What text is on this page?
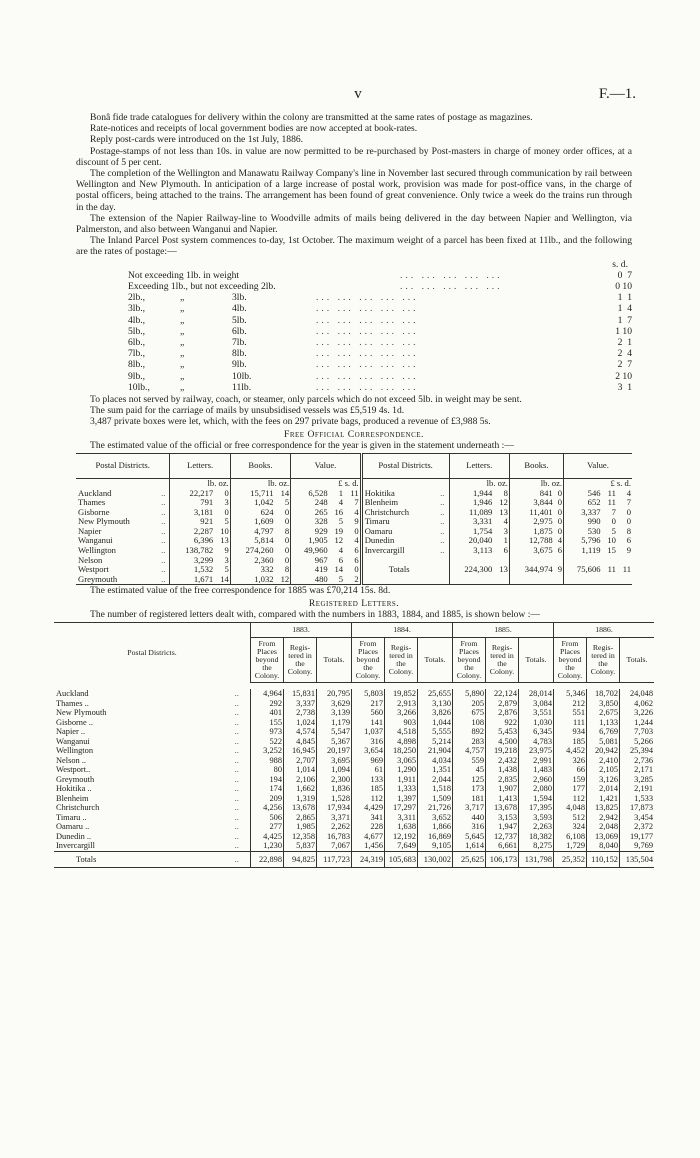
v	F.—1.

Bonâ fide trade catalogues for delivery within the colony are transmitted at the same rates of postage as magazines.

Rate-notices and receipts of local government bodies are now accepted at book-rates.

Reply post-cards were introduced on the 1st July, 1886.

Postage-stamps of not less than 10s. in value are now permitted to be re-purchased by Post-masters in charge of money order offices, at a discount of 5 per cent.

The completion of the Wellington and Manawatu Railway Company's line in November last secured through communication by rail between Wellington and New Plymouth. In anticipation of a large increase of postal work, provision was made for post-office vans, in the charge of postal officers, being attached to the trains. The arrangement has been found of great convenience. Only twice a week do the trains run through in the day.

The extension of the Napier Railway-line to Woodville admits of mails being delivered in the day between Napier and Wellington, via Palmerston, and also between Wanganui and Napier.

The Inland Parcel Post system commences to-day, 1st October. The maximum weight of a parcel has been fixed at 11lb., and the following are the rates of postage:—

s. d.
Not exceeding 1lb. in weight	... ... ... ... ...	0  7
Exceeding 1lb., but not exceeding 2lb.	... ... ... ... ...	0 10
2lb.,	„	3lb.	... ... ... ... ...	1  1
3lb.,	„	4lb.	... ... ... ... ...	1  4
4lb.,	„	5lb.	... ... ... ... ...	1  7
5lb.,	„	6lb.	... ... ... ... ...	1 10
6lb.,	„	7lb.	... ... ... ... ...	2  1
7lb.,	„	8lb.	... ... ... ... ...	2  4
8lb.,	„	9lb.	... ... ... ... ...	2  7
9lb.,	„	10lb.	... ... ... ... ...	2 10
10lb.,	„	11lb.	... ... ... ... ...	3  1

To places not served by railway, coach, or steamer, only parcels which do not exceed 5lb. in weight may be sent.

The sum paid for the carriage of mails by unsubsidised vessels was £5,519 4s. 1d.

3,487 private boxes were let, which, with the fees on 297 private bags, produced a revenue of £3,988 5s.

Free Official Correspondence.

The estimated value of the official or free correspondence for the year is given in the statement underneath :—

Postal Districts.		Letters.		Books.		Value.			Postal Districts.		Letters.		Books.		Value.		
		lb. oz.		lb. oz.		£ s. d.					lb. oz.		lb. oz.		£ s. d.		
Auckland	..	22,217	0	15,711	14	6,528	1	11	Hokitika	..	1,944	8	841	0	546	11	4
Thames	..	791	3	1,042	5	248	4	7	Blenheim	..	1,946	12	3,844	0	652	11	7
Gisborne	..	3,181	0	624	0	265	16	4	Christchurch	..	11,089	13	11,401	0	3,337	7	0
New Plymouth	..	921	5	1,609	0	328	5	9	Timaru	..	3,331	4	2,975	0	990	0	0
Napier	..	2,287	10	4,797	8	929	19	0	Oamaru	..	1,754	3	1,875	0	530	5	8
Wanganui	..	6,396	13	5,814	0	1,905	12	4	Dunedin	..	20,040	1	12,788	4	5,796	10	6
Wellington	..	138,782	9	274,260	0	49,960	4	6	Invercargill	..	3,113	6	3,675	6	1,119	15	9
Nelson	..	3,299	3	2,360	0	967	6	6									
Westport	..	1,532	5	332	8	419	14	0	Totals		224,300	13	344,974	9	75,606	11	11
Greymouth	..	1,671	14	1,032	12	480	5	2									

The estimated value of the free correspondence for 1885 was £70,214 15s. 8d.

Registered Letters.

The number of registered letters dealt with, compared with the numbers in 1883, 1884, and 1885, is shown below :—

Postal Districts.		1883.			1884.			1885.			1886.		
		From Places beyond the Colony.	Regis-tered in the Colony.	Totals.	From Places beyond the Colony.	Regis-tered in the Colony.	Totals.	From Places beyond the Colony.	Regis-tered in the Colony.	Totals.	From Places beyond the Colony.	Regis-tered in the Colony.	Totals.

Auckland	..	4,964	15,831	20,795	5,803	19,852	25,655	5,890	22,124	28,014	5,346	18,702	24,048
Thames ..	..	292	3,337	3,629	217	2,913	3,130	205	2,879	3,084	212	3,850	4,062
New Plymouth	..	401	2,738	3,139	560	3,266	3,826	675	2,876	3,551	551	2,675	3,226
Gisborne ..	..	155	1,024	1,179	141	903	1,044	108	922	1,030	111	1,133	1,244
Napier ..	..	973	4,574	5,547	1,037	4,518	5,555	892	5,453	6,345	934	6,769	7,703
Wanganui	..	522	4,845	5,367	316	4,898	5,214	283	4,500	4,783	185	5,081	5,266
Wellington	..	3,252	16,945	20,197	3,654	18,250	21,904	4,757	19,218	23,975	4,452	20,942	25,394
Nelson ..	..	988	2,707	3,695	969	3,065	4,034	559	2,432	2,991	326	2,410	2,736
Westport..	..	80	1,014	1,094	61	1,290	1,351	45	1,438	1,483	66	2,105	2,171
Greymouth	..	194	2,106	2,300	133	1,911	2,044	125	2,835	2,960	159	3,126	3,285
Hokitika ..	..	174	1,662	1,836	185	1,333	1,518	173	1,907	2,080	177	2,014	2,191
Blenheim	..	209	1,319	1,528	112	1,397	1,509	181	1,413	1,594	112	1,421	1,533
Christchurch	..	4,256	13,678	17,934	4,429	17,297	21,726	3,717	13,678	17,395	4,048	13,825	17,873
Timaru ..	..	506	2,865	3,371	341	3,311	3,652	440	3,153	3,593	512	2,942	3,454
Oamaru ..	..	277	1,985	2,262	228	1,638	1,866	316	1,947	2,263	324	2,048	2,372
Dunedin ..	..	4,425	12,358	16,783	4,677	12,192	16,869	5,645	12,737	18,382	6,108	13,069	19,177
Invercargill	..	1,230	5,837	7,067	1,456	7,649	9,105	1,614	6,661	8,275	1,729	8,040	9,769
Totals	..	22,898	94,825	117,723	24,319	105,683	130,002	25,625	106,173	131,798	25,352	110,152	135,504
